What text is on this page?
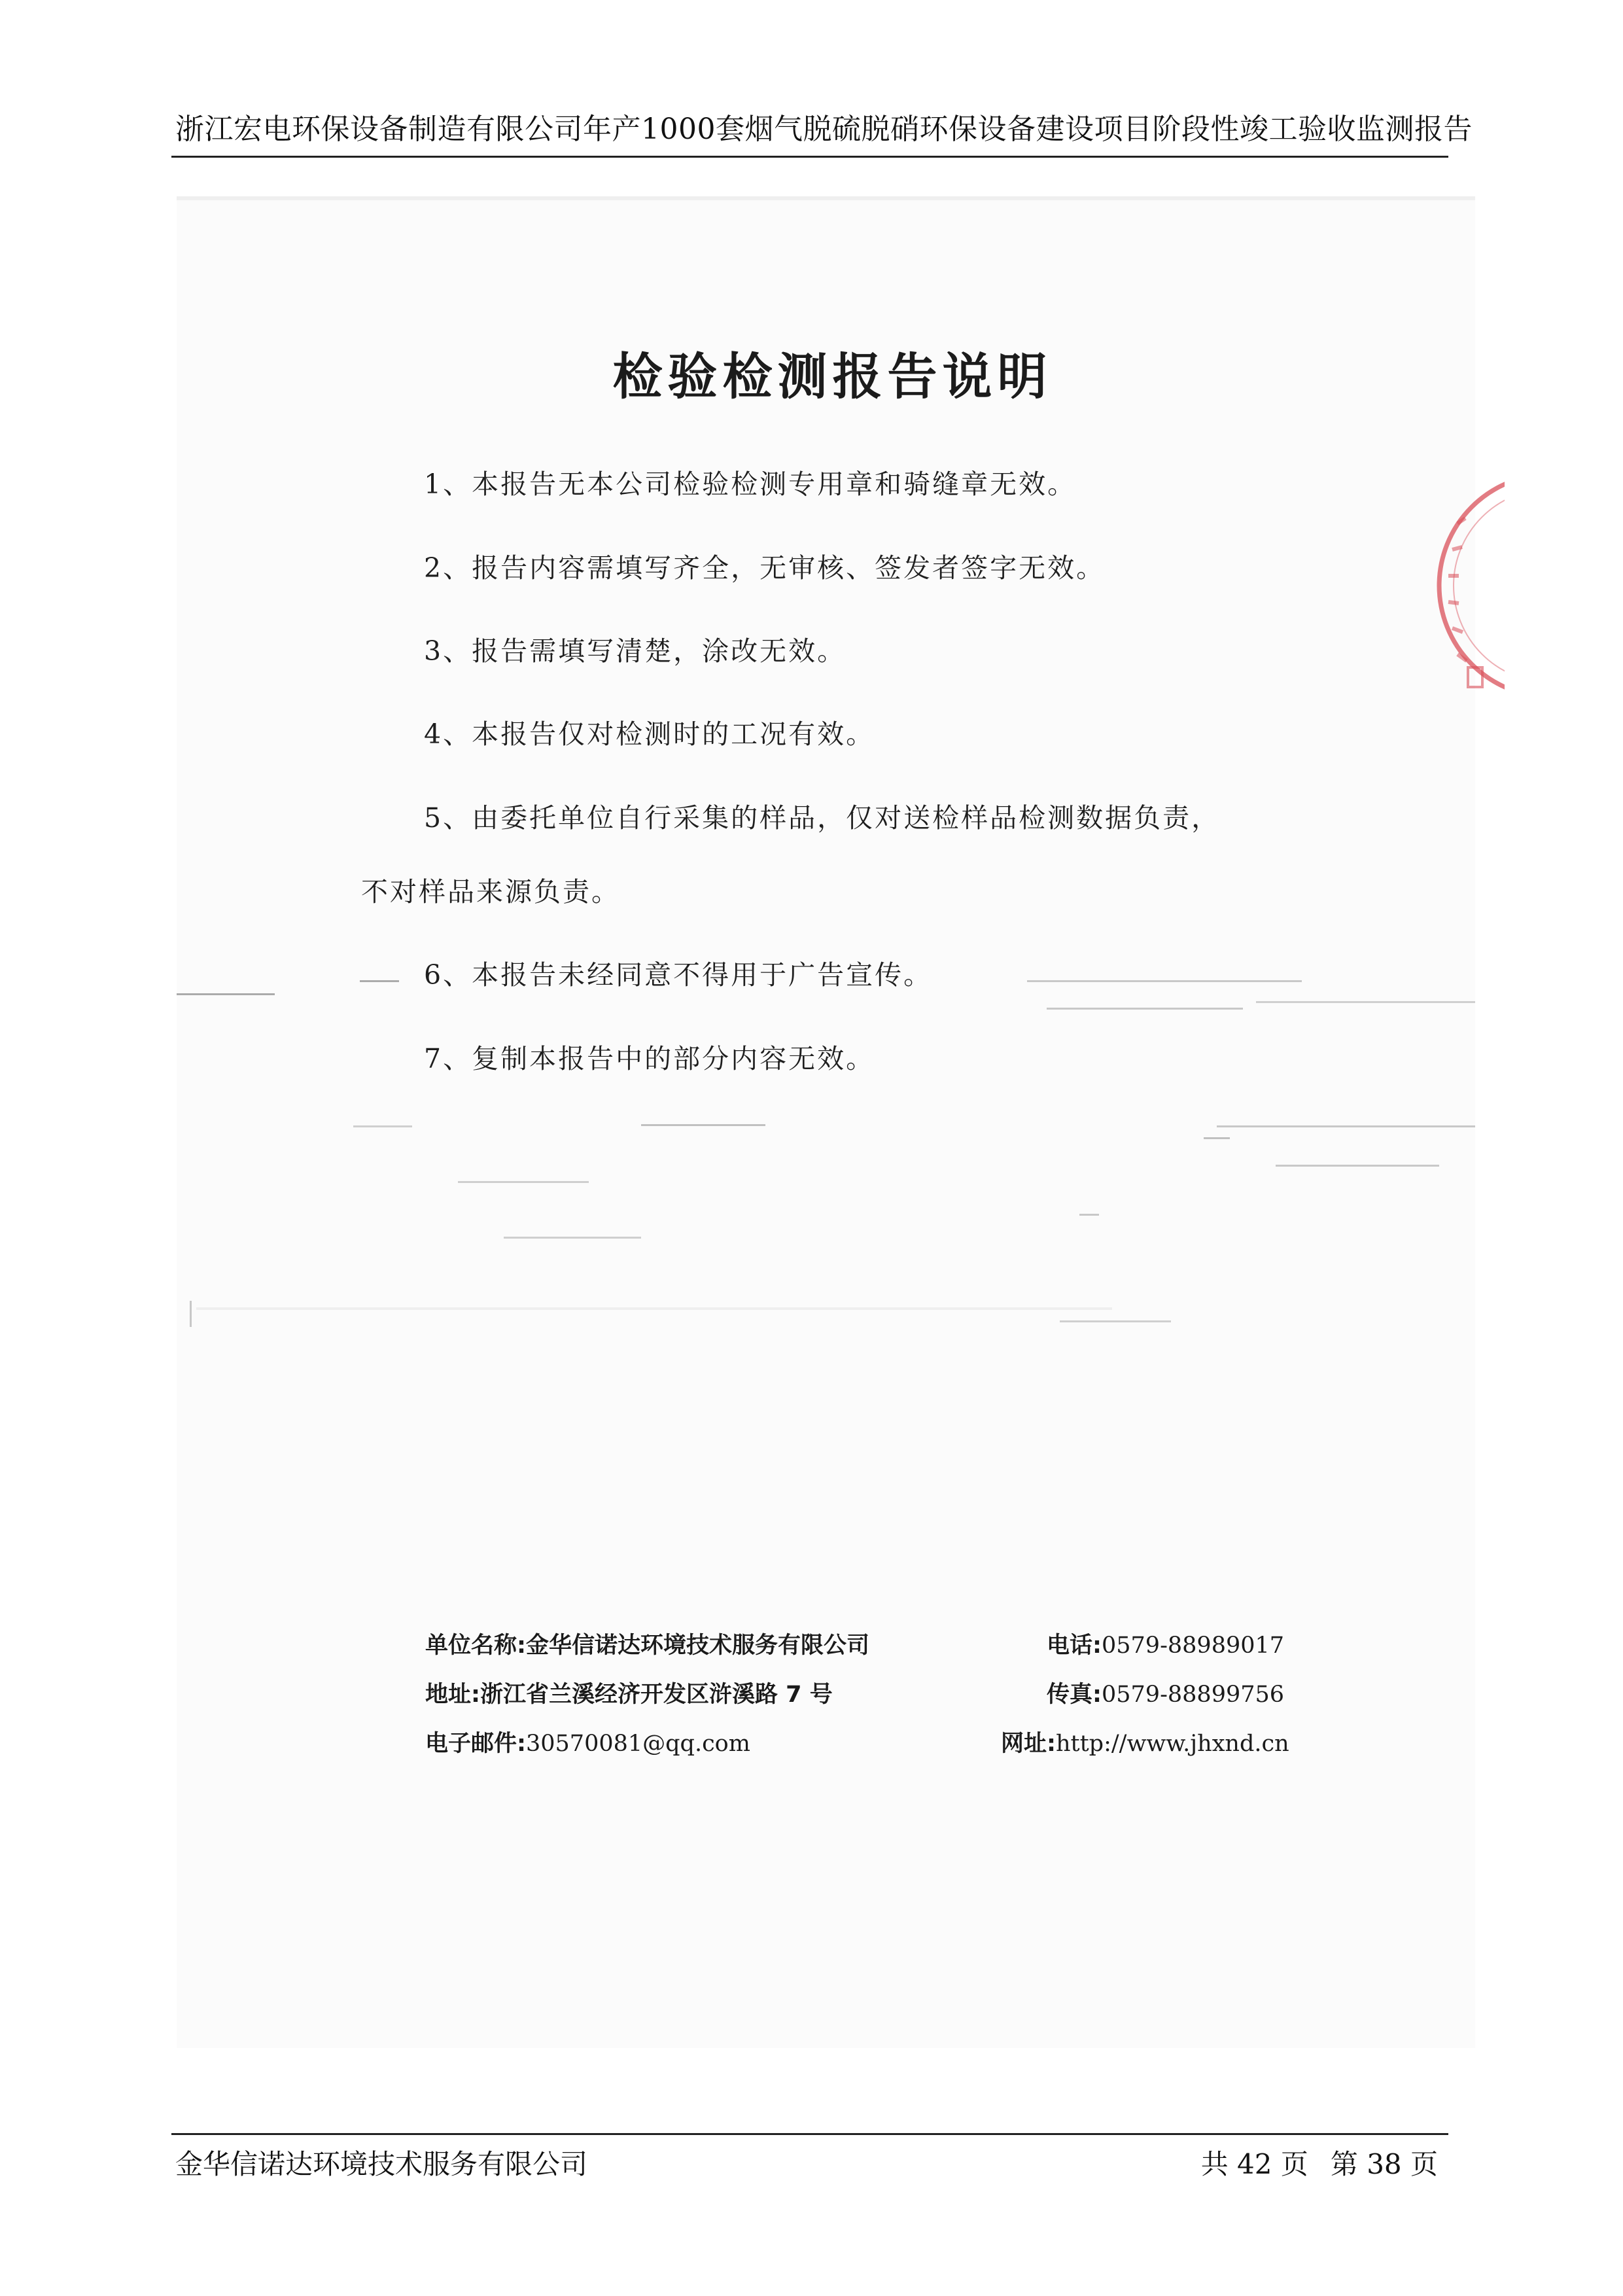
浙江宏电环保设备制造有限公司年产1000套烟气脱硫脱硝环保设备建设项目阶段性竣工验收监测报告
检验检测报告说明
1、本报告无本公司检验检测专用章和骑缝章无效。
2、报告内容需填写齐全，无审核、签发者签字无效。
3、报告需填写清楚，涂改无效。
4、本报告仅对检测时的工况有效。
5、由委托单位自行采集的样品，仅对送检样品检测数据负责，
不对样品来源负责。
6、本报告未经同意不得用于广告宣传。
7、复制本报告中的部分内容无效。
单位名称:金华信诺达环境技术服务有限公司	电话:0579-88989017
地址:浙江省兰溪经济开发区浒溪路 7 号	传真:0579-88899756
电子邮件:30570081@qq.com	网址:http://www.jhxnd.cn
金华信诺达环境技术服务有限公司	共 42 页 第 38 页
